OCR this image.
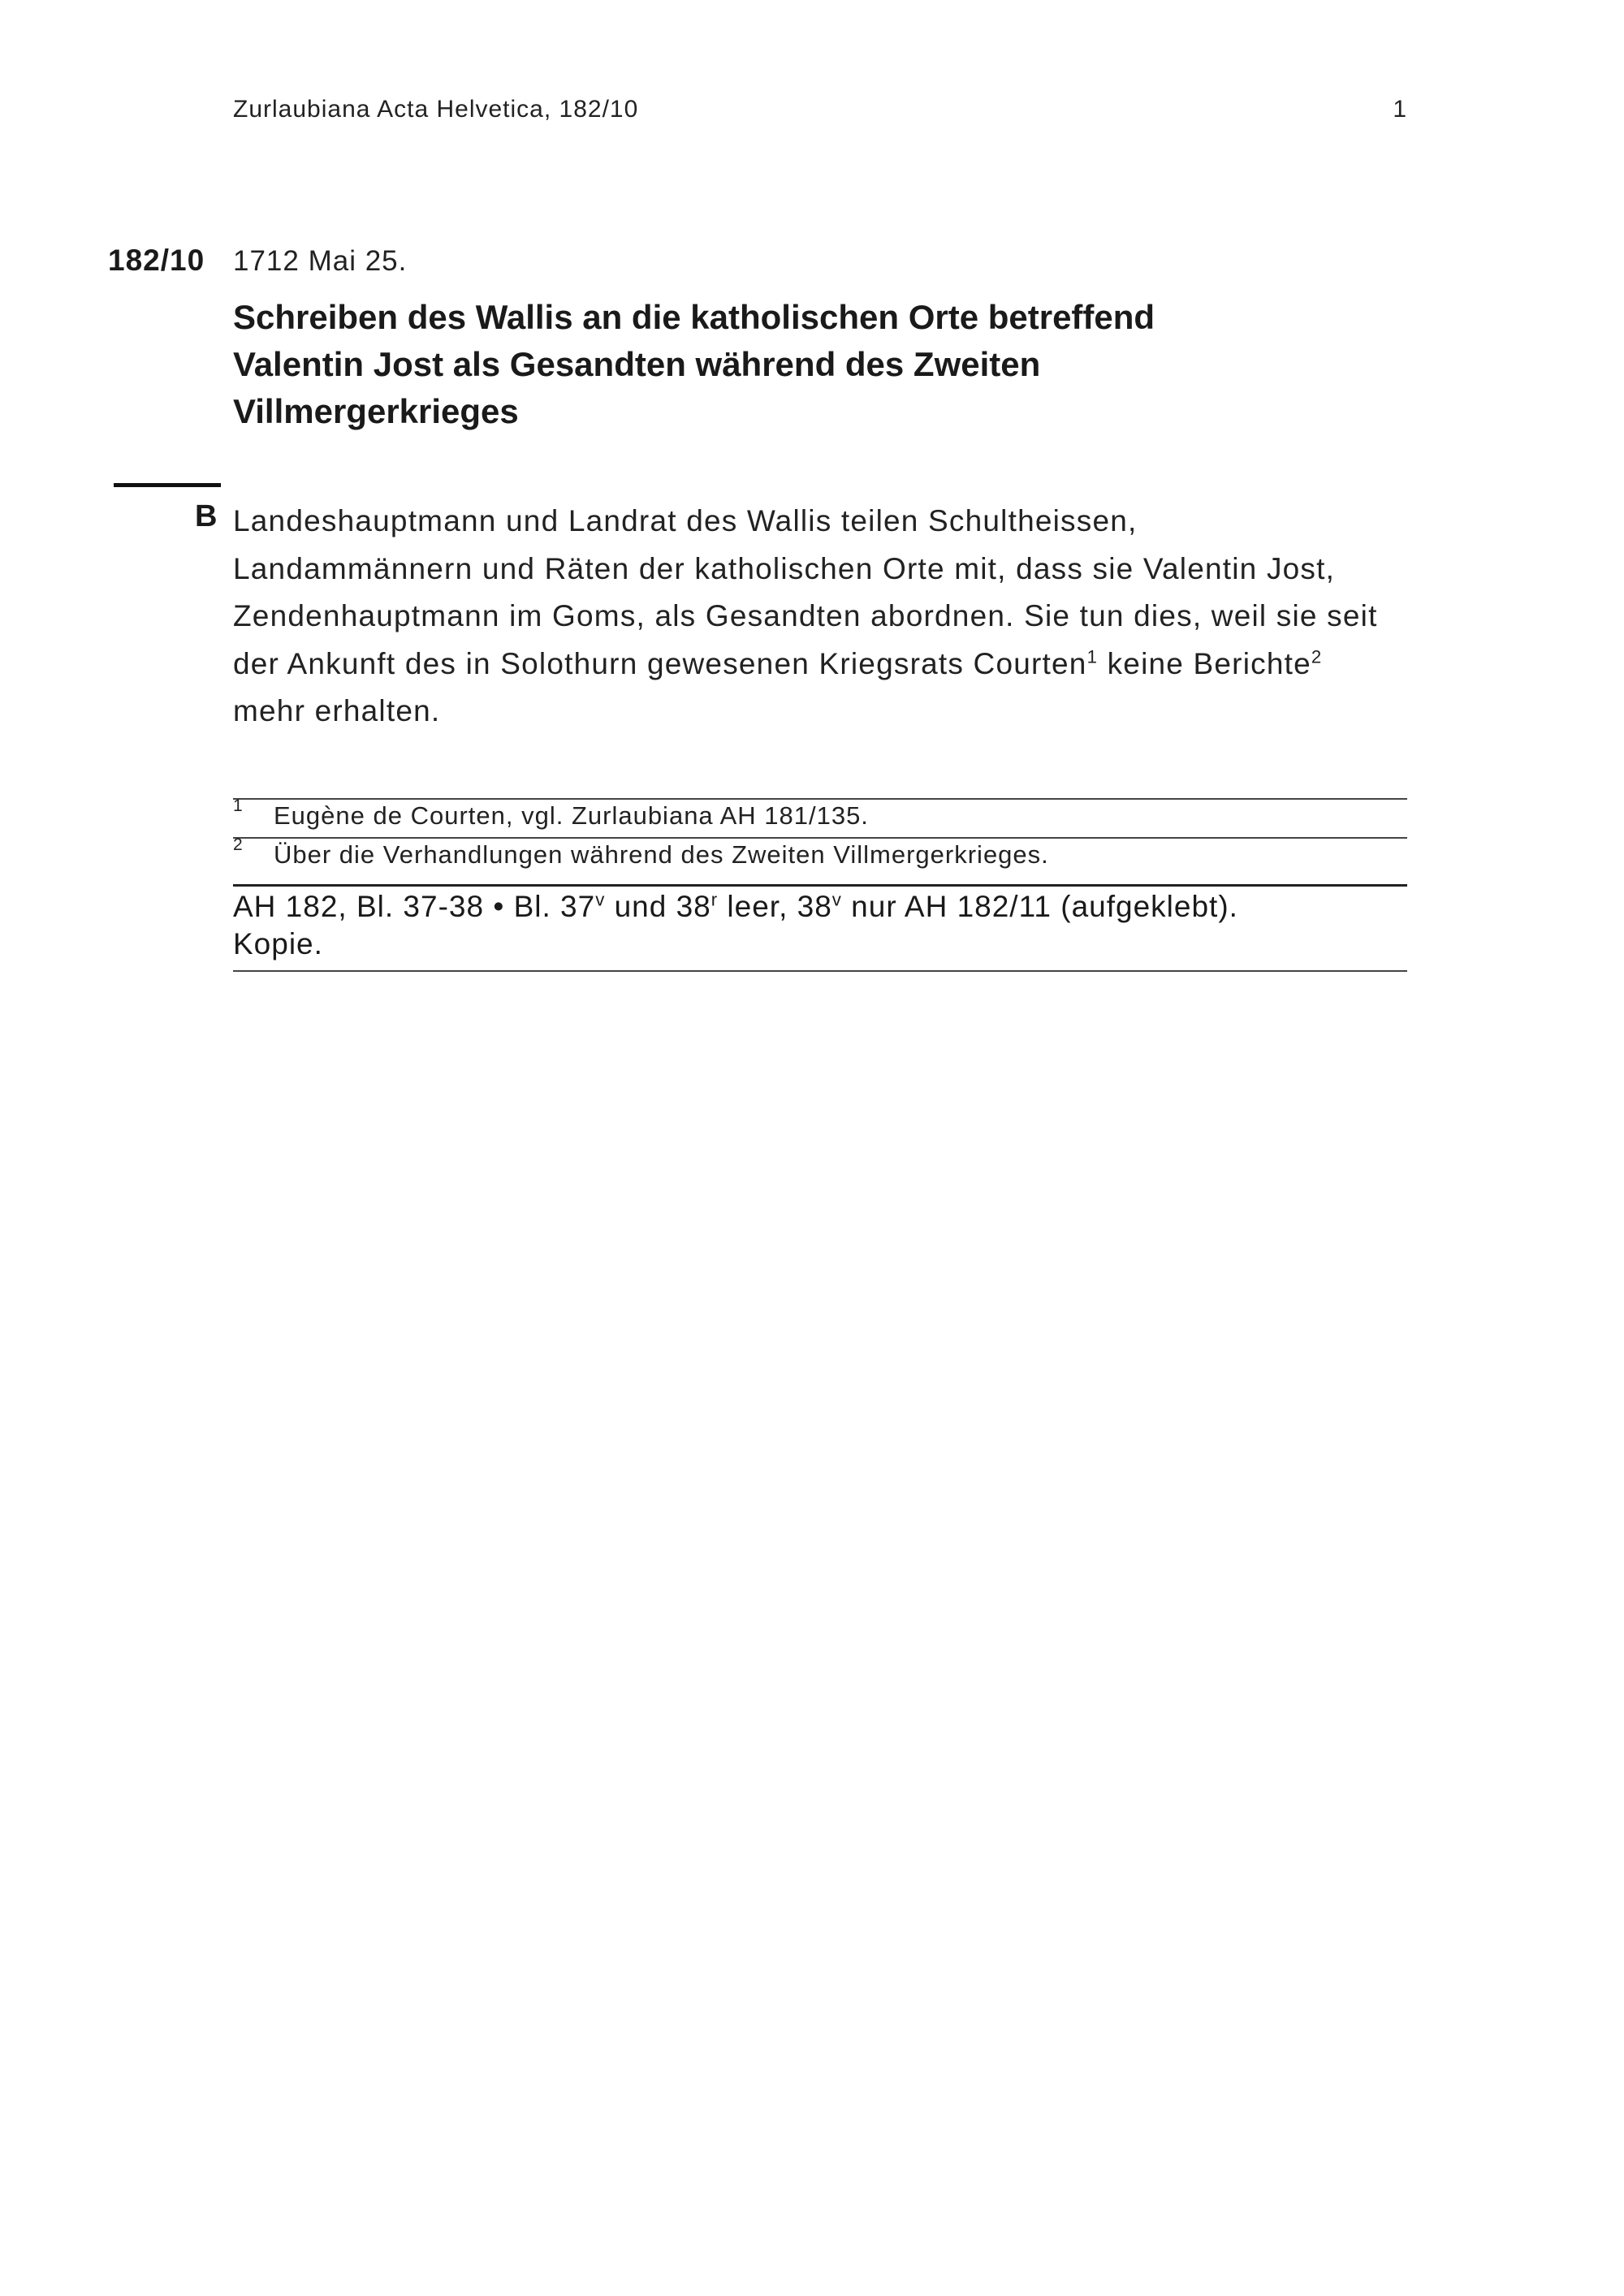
Zurlaubiana Acta Helvetica, 182/10	1
182/10 1712 Mai 25.
Schreiben des Wallis an die katholischen Orte betreffend
Valentin Jost als Gesandten während des Zweiten
Villmergerkrieges
B Landeshauptmann und Landrat des Wallis teilen Schultheissen,
Landammännern und Räten der katholischen Orte mit, dass sie Valentin Jost,
Zendenhauptmann im Goms, als Gesandten abordnen. Sie tun dies, weil sie seit
der Ankunft des in Solothurn gewesenen Kriegsrats Courten$^1$ keine Berichte$^2$
mehr erhalten.
1 Eugène de Courten, vgl. Zurlaubiana AH 181/135.
2 Über die Verhandlungen während des Zweiten Villmergerkrieges.
AH 182, Bl. 37-38 • Bl. 37$^v$ und 38$^r$ leer, 38$^v$ nur AH 182/11 (aufgeklebt).
Kopie.
